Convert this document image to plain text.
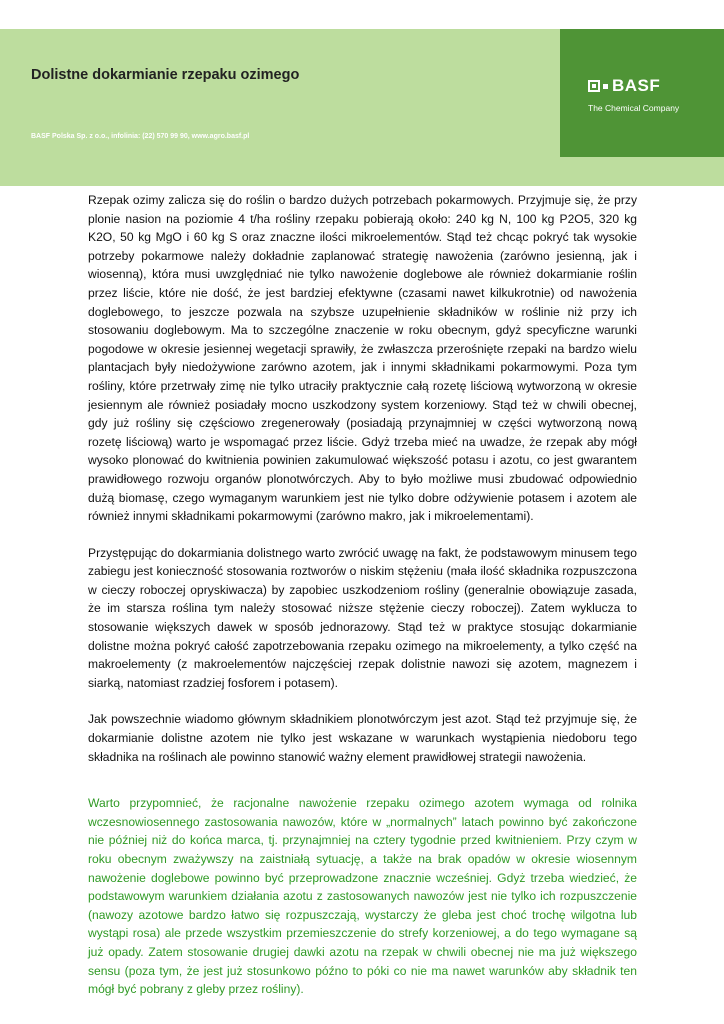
Dolistne dokarmianie rzepaku ozimego
BASF Polska Sp. z o.o., infolinia: (22) 570 99 90, www.agro.basf.pl
BASF
The Chemical Company

Rzepak ozimy zalicza się do roślin o bardzo dużych potrzebach pokarmowych. Przyjmuje się, że przy plonie nasion na poziomie 4 t/ha rośliny rzepaku pobierają około: 240 kg N, 100 kg P2O5, 320 kg K2O, 50 kg MgO i 60 kg S oraz znaczne ilości mikroelementów. Stąd też chcąc pokryć tak wysokie potrzeby pokarmowe należy dokładnie zaplanować strategię nawożenia (zarówno jesienną, jak i wiosenną), która musi uwzględniać nie tylko nawożenie doglebowe ale również dokarmianie roślin przez liście, które nie dość, że jest bardziej efektywne (czasami nawet kilkukrotnie) od nawożenia doglebowego, to jeszcze pozwala na szybsze uzupełnienie składników w roślinie niż przy ich stosowaniu doglebowym. Ma to szczególne znaczenie w roku obecnym, gdyż specyficzne warunki pogodowe w okresie jesiennej wegetacji sprawiły, że zwłaszcza przerośnięte rzepaki na bardzo wielu plantacjach były niedożywione zarówno azotem, jak i innymi składnikami pokarmowymi. Poza tym rośliny, które przetrwały zimę nie tylko utraciły praktycznie całą rozetę liściową wytworzoną w okresie jesiennym ale również posiadały mocno uszkodzony system korzeniowy. Stąd też w chwili obecnej, gdy już rośliny się częściowo zregenerowały (posiadają przynajmniej w części wytworzoną nową rozetę liściową) warto je wspomagać przez liście. Gdyż trzeba mieć na uwadze, że rzepak aby mógł wysoko plonować do kwitnienia powinien zakumulować większość potasu i azotu, co jest gwarantem prawidłowego rozwoju organów plonotwórczych. Aby to było możliwe musi zbudować odpowiednio dużą biomasę, czego wymaganym warunkiem jest nie tylko dobre odżywienie potasem i azotem ale również innymi składnikami pokarmowymi (zarówno makro, jak i mikroelementami).

Przystępując do dokarmiania dolistnego warto zwrócić uwagę na fakt, że podstawowym minusem tego zabiegu jest konieczność stosowania roztworów o niskim stężeniu (mała ilość składnika rozpuszczona w cieczy roboczej opryskiwacza) by zapobiec uszkodzeniom rośliny (generalnie obowiązuje zasada, że im starsza roślina tym należy stosować niższe stężenie cieczy roboczej). Zatem wyklucza to stosowanie większych dawek w sposób jednorazowy. Stąd też w praktyce stosując dokarmianie dolistne można pokryć całość zapotrzebowania rzepaku ozimego na mikroelementy, a tylko część na makroelementy (z makroelementów najczęściej rzepak dolistnie nawozi się azotem, magnezem i siarką, natomiast rzadziej fosforem i potasem).

Jak powszechnie wiadomo głównym składnikiem plonotwórczym jest azot. Stąd też przyjmuje się, że dokarmianie dolistne azotem nie tylko jest wskazane w warunkach wystąpienia niedoboru tego składnika na roślinach ale powinno stanowić ważny element prawidłowej strategii nawożenia.

Warto przypomnieć, że racjonalne nawożenie rzepaku ozimego azotem wymaga od rolnika wczesnowiosennego zastosowania nawozów, które w „normalnych” latach powinno być zakończone nie później niż do końca marca, tj. przynajmniej na cztery tygodnie przed kwitnieniem. Przy czym w roku obecnym zważywszy na zaistniałą sytuację, a także na brak opadów w okresie wiosennym nawożenie doglebowe powinno być przeprowadzone znacznie wcześniej. Gdyż trzeba wiedzieć, że podstawowym warunkiem działania azotu z zastosowanych nawozów jest nie tylko ich rozpuszczenie (nawozy azotowe bardzo łatwo się rozpuszczają, wystarczy że gleba jest choć trochę wilgotna lub wystąpi rosa) ale przede wszystkim przemieszczenie do strefy korzeniowej, a do tego wymagane są już opady. Zatem stosowanie drugiej dawki azotu na rzepak w chwili obecnej nie ma już większego sensu (poza tym, że jest już stosunkowo późno to póki co nie ma nawet warunków aby składnik ten mógł być pobrany z gleby przez rośliny).
